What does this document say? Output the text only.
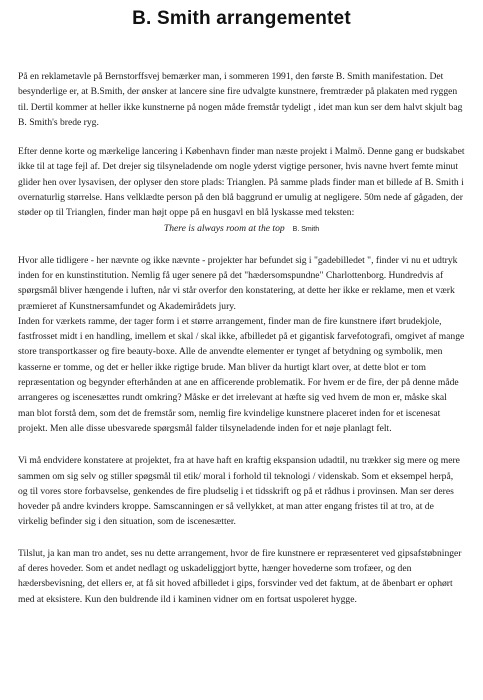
B. Smith arrangementet

På en reklametavle på Bernstorffsvej bemærker man, i sommeren 1991, den første B. Smith manifestation. Det besynderlige er, at B.Smith, der ønsker at lancere sine fire udvalgte kunstnere, fremtræder på plakaten med ryggen til. Dertil kommer at heller ikke kunstnerne på nogen måde fremstår tydeligt , idet man kun ser dem halvt skjult bag B. Smith's brede ryg.

Efter denne korte og mærkelige lancering i København finder man næste projekt i Malmö. Denne gang er budskabet ikke til at tage fejl af. Det drejer sig tilsyneladende om nogle yderst vigtige personer, hvis navne hvert femte minut glider hen over lysavisen, der oplyser den store plads: Trianglen. På samme plads finder man et billede af B. Smith i overnaturlig størrelse. Hans velklædte person på den blå baggrund er umulig at negligere. 50m nede af gågaden, der støder op til Trianglen, finder man højt oppe på en husgavl en blå lyskasse med teksten:

There is always room at the top B. Smith

Hvor alle tidligere - her nævnte og ikke nævnte - projekter har befundet sig i "gadebilledet ", finder vi nu et udtryk inden for en kunstinstitution. Nemlig få uger senere på det "hædersomspundne" Charlottenborg. Hundredvis af spørgsmål bliver hængende i luften, når vi står overfor den konstatering, at dette her ikke er reklame, men et værk præmieret af Kunstnersamfundet og Akademirådets jury.

Inden for værkets ramme, der tager form i et større arrangement, finder man de fire kunstnere iført brudekjole, fastfrosset midt i en handling, imellem et skal / skal ikke, afbilledet på et gigantisk farvefotografi, omgivet af mange store transportkasser og fire beauty-boxe. Alle de anvendte elementer er tynget af betydning og symbolik, men kasserne er tomme, og det er heller ikke rigtige brude. Man bliver da hurtigt klart over, at dette blot er tom repræsentation og begynder efterhånden at ane en afficerende problematik. For hvem er de fire, der på denne måde arrangeres og iscenesættes rundt omkring? Måske er det irrelevant at hæfte sig ved hvem de mon er, måske skal man blot forstå dem, som det de fremstår som, nemlig fire kvindelige kunstnere placeret inden for et iscenesat projekt. Men alle disse ubesvarede spørgsmål falder tilsyneladende inden for et nøje planlagt felt.

Vi må endvidere konstatere at projektet, fra at have haft en kraftig ekspansion udadtil, nu trækker sig mere og mere sammen om sig selv og stiller spøgsmål til etik/ moral i forhold til teknologi / videnskab. Som et eksempel herpå, og til vores store forbavselse, genkendes de fire pludselig i et tidsskrift og på et rådhus i provinsen. Man ser deres hoveder på andre kvinders kroppe. Samscanningen er så vellykket, at man atter engang fristes til at tro, at de virkelig befinder sig i den situation, som de iscenesætter.

Tilslut, ja kan man tro andet, ses nu dette arrangement, hvor de fire kunstnere er repræsenteret ved gipsafstøbninger af deres hoveder. Som et andet nedlagt og uskadeliggjort bytte, hænger hovederne som trofæer, og den hædersbevisning, det ellers er, at få sit hoved afbilledet i gips, forsvinder ved det faktum, at de åbenbart er ophørt med at eksistere. Kun den buldrende ild i kaminen vidner om en fortsat uspoleret hygge.
